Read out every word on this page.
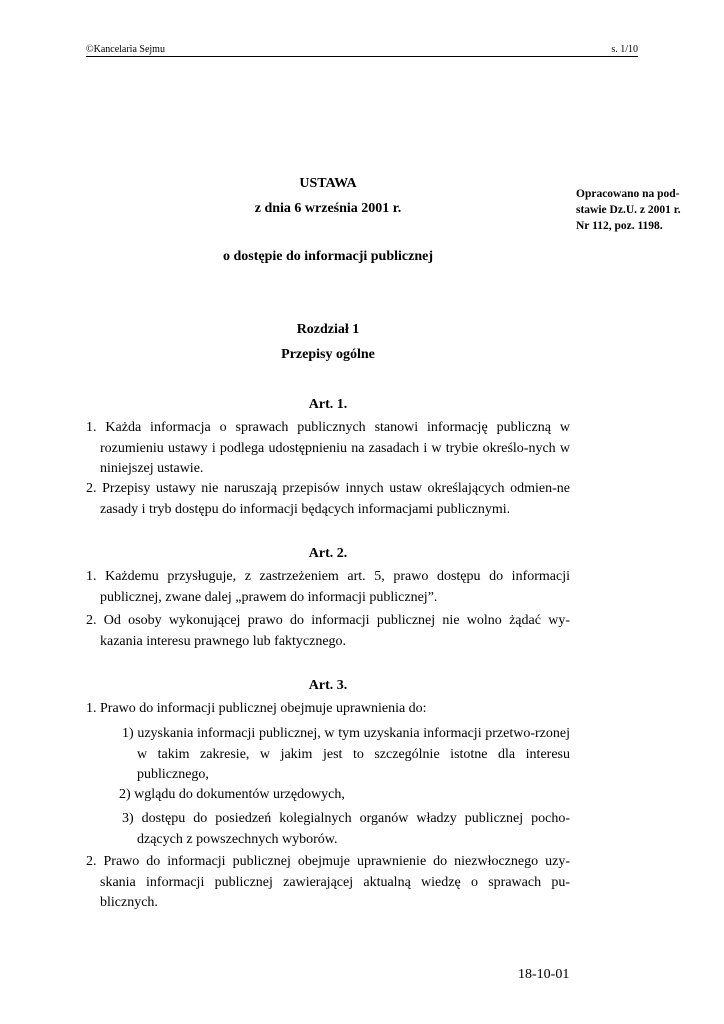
©Kancelaria Sejmu	s. 1/10
Opracowano na pod-stawie Dz.U. z 2001 r. Nr 112, poz. 1198.
USTAWA
z dnia 6 września 2001 r.
o dostępie do informacji publicznej
Rozdział 1
Przepisy ogólne
Art. 1.
1. Każda informacja o sprawach publicznych stanowi informację publiczną w rozumieniu ustawy i podlega udostępnieniu na zasadach i w trybie określo-nych w niniejszej ustawie.
2. Przepisy ustawy nie naruszają przepisów innych ustaw określających odmien-ne zasady i tryb dostępu do informacji będących informacjami publicznymi.
Art. 2.
1. Każdemu przysługuje, z zastrzeżeniem art. 5, prawo dostępu do informacji publicznej, zwane dalej „prawem do informacji publicznej”.
2. Od osoby wykonującej prawo do informacji publicznej nie wolno żądać wy-kazania interesu prawnego lub faktycznego.
Art. 3.
1. Prawo do informacji publicznej obejmuje uprawnienia do:
1) uzyskania informacji publicznej, w tym uzyskania informacji przetwo-rzonej w takim zakresie, w jakim jest to szczególnie istotne dla interesu publicznego,
2) wglądu do dokumentów urzędowych,
3) dostępu do posiedzeń kolegialnych organów władzy publicznej pocho-dzących z powszechnych wyborów.
2. Prawo do informacji publicznej obejmuje uprawnienie do niezwłocznego uzy-skania informacji publicznej zawierającej aktualną wiedzę o sprawach pu-blicznych.
18-10-01
